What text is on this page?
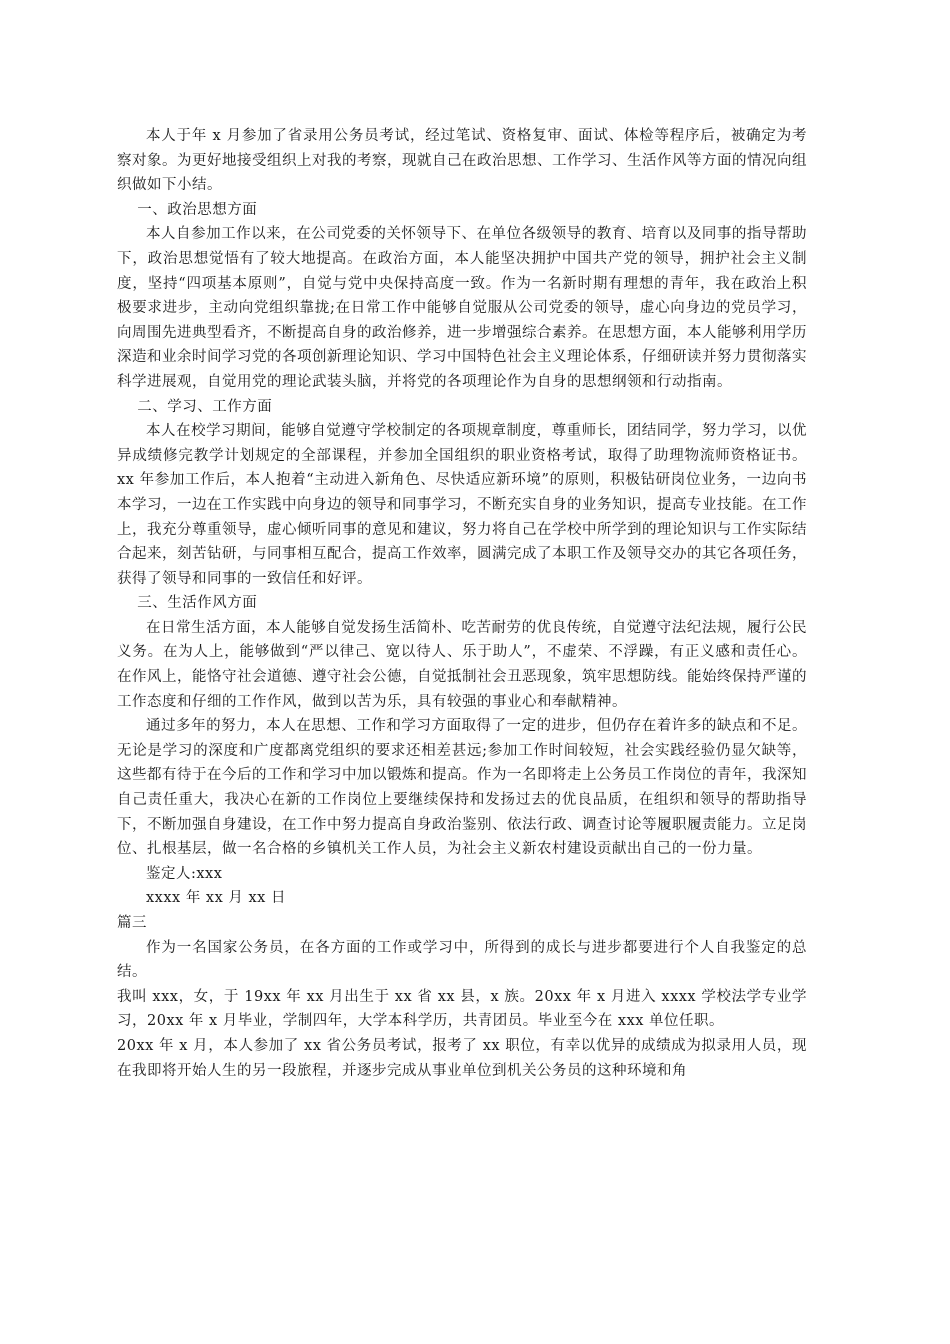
本人于年 x 月参加了省录用公务员考试，经过笔试、资格复审、面试、体检等程序后，被确定为考察对象。为更好地接受组织上对我的考察，现就自己在政治思想、工作学习、生活作风等方面的情况向组织做如下小结。

一、政治思想方面

本人自参加工作以来，在公司党委的关怀领导下、在单位各级领导的教育、培育以及同事的指导帮助下，政治思想觉悟有了较大地提高。在政治方面，本人能坚决拥护中国共产党的领导，拥护社会主义制度，坚持“四项基本原则”，自觉与党中央保持高度一致。作为一名新时期有理想的青年，我在政治上积极要求进步，主动向党组织靠拢;在日常工作中能够自觉服从公司党委的领导，虚心向身边的党员学习，向周围先进典型看齐，不断提高自身的政治修养，进一步增强综合素养。在思想方面，本人能够利用学历深造和业余时间学习党的各项创新理论知识、学习中国特色社会主义理论体系，仔细研读并努力贯彻落实科学进展观，自觉用党的理论武装头脑，并将党的各项理论作为自身的思想纲领和行动指南。

二、学习、工作方面

本人在校学习期间，能够自觉遵守学校制定的各项规章制度，尊重师长，团结同学，努力学习，以优异成绩修完教学计划规定的全部课程，并参加全国组织的职业资格考试，取得了助理物流师资格证书。xx 年参加工作后，本人抱着“主动进入新角色、尽快适应新环境”的原则，积极钻研岗位业务，一边向书本学习，一边在工作实践中向身边的领导和同事学习，不断充实自身的业务知识，提高专业技能。在工作上，我充分尊重领导，虚心倾听同事的意见和建议，努力将自己在学校中所学到的理论知识与工作实际结合起来，刻苦钻研，与同事相互配合，提高工作效率，圆满完成了本职工作及领导交办的其它各项任务，获得了领导和同事的一致信任和好评。

三、生活作风方面

在日常生活方面，本人能够自觉发扬生活简朴、吃苦耐劳的优良传统，自觉遵守法纪法规，履行公民义务。在为人上，能够做到“严以律己、宽以待人、乐于助人”，不虚荣、不浮躁，有正义感和责任心。在作风上，能恪守社会道德、遵守社会公德，自觉抵制社会丑恶现象，筑牢思想防线。能始终保持严谨的工作态度和仔细的工作作风，做到以苦为乐，具有较强的事业心和奉献精神。

通过多年的努力，本人在思想、工作和学习方面取得了一定的进步，但仍存在着许多的缺点和不足。无论是学习的深度和广度都离党组织的要求还相差甚远;参加工作时间较短，社会实践经验仍显欠缺等，这些都有待于在今后的工作和学习中加以锻炼和提高。作为一名即将走上公务员工作岗位的青年，我深知自己责任重大，我决心在新的工作岗位上要继续保持和发扬过去的优良品质，在组织和领导的帮助指导下，不断加强自身建设，在工作中努力提高自身政治鉴别、依法行政、调查讨论等履职履责能力。立足岗位、扎根基层，做一名合格的乡镇机关工作人员，为社会主义新农村建设贡献出自己的一份力量。

鉴定人:xxx

xxxx 年 xx 月 xx 日

篇三

作为一名国家公务员，在各方面的工作或学习中，所得到的成长与进步都要进行个人自我鉴定的总结。

我叫 xxx，女，于 19xx 年 xx 月出生于 xx 省 xx 县，x 族。20xx 年 x 月进入 xxxx 学校法学专业学习，20xx 年 x 月毕业，学制四年，大学本科学历，共青团员。毕业至今在 xxx 单位任职。

20xx 年 x 月，本人参加了 xx 省公务员考试，报考了 xx 职位，有幸以优异的成绩成为拟录用人员，现在我即将开始人生的另一段旅程，并逐步完成从事业单位到机关公务员的这种环境和角
